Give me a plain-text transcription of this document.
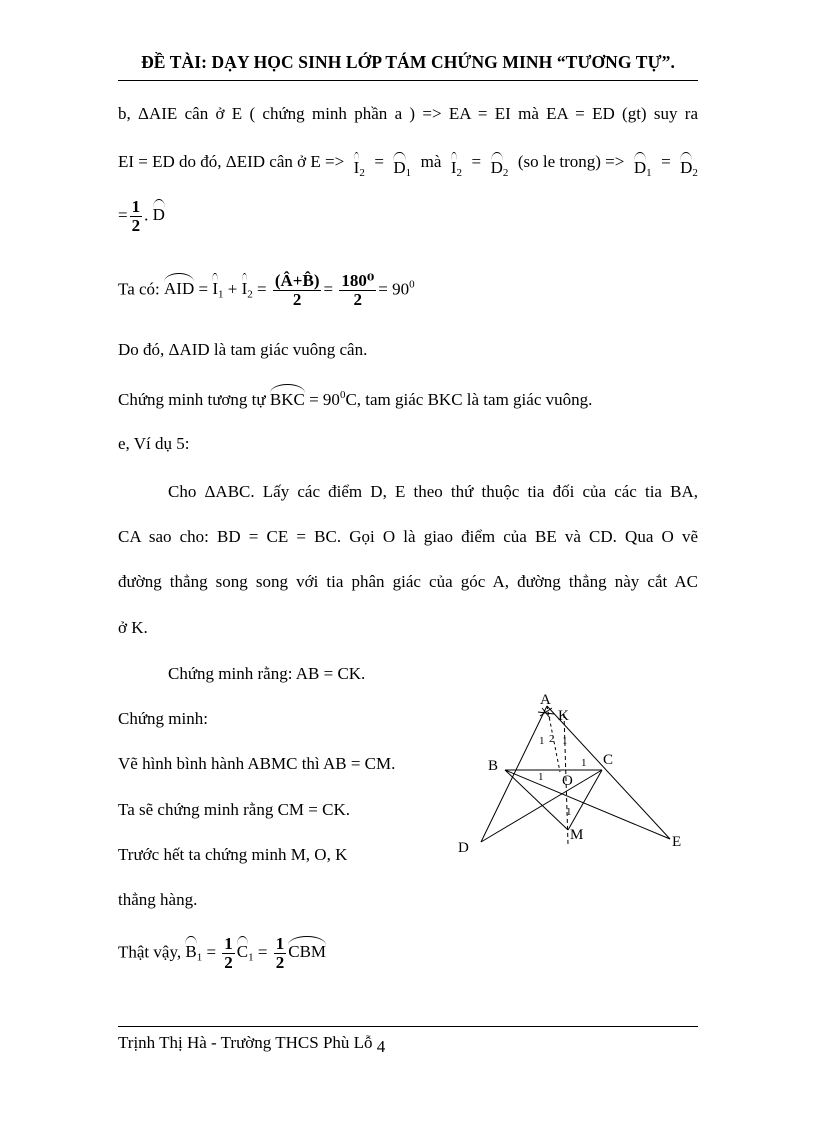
ĐỀ TÀI: DẠY HỌC SINH LỚP TÁM CHỨNG MINH “TƯƠNG TỰ”.
b, ΔAIE cân ở E ( chứng minh phần a ) => EA = EI mà EA = ED (gt) suy ra
EI = ED do đó, ΔEID cân ở $E => I_2$
= $D_1$
mà $I_2$
= $D_2$
(so le trong) => $D_1$
= $D_2$
= $\frac{1}{2}$ . D
Ta có: AID = $I_1 + I_2 = \frac{(Â+B̂)}{2} = \frac{\text{180⁰}}{2} = 90^0$
Do đó, ΔAID là tam giác vuông cân.
Chứng minh tương tự BKC = $90^0C$, tam giác BKC là tam giác vuông.
e, Ví dụ 5:
Cho ΔABC. Lấy các điểm D, E theo thứ thuộc tia đối của các tia BA,
CA sao cho: BD = CE = BC. Gọi O là giao điểm của BE và CD. Qua O vẽ
đường thẳng song song với tia phân giác của góc A, đường thẳng này cắt AC
ở K.
Chứng minh rằng: AB = CK.
Chứng minh:
Vẽ hình bình hành ABMC thì AB = CM.
Ta sẽ chứng minh rằng CM = CK.
Trước hết ta chứng minh M, O, K
thẳng hàng.
Thật vậy, $B_1 = \frac{1}{2} C_1 = \frac{1}{2}$ CBM
A
K
B	C
O
M
D	E
1 2 1
1
1
1
Trịnh Thị Hà - Trường THCS Phù Lỗ $_4$
